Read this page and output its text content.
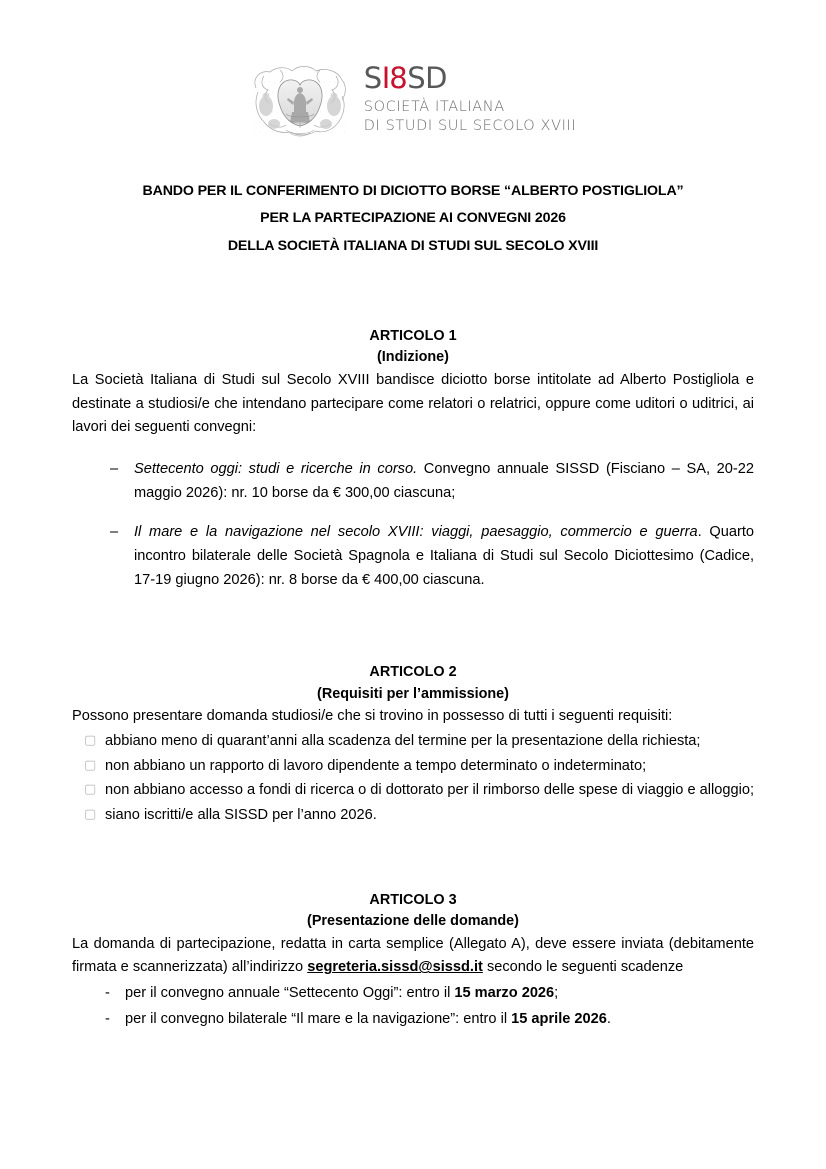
SI8SD
SOCIETÀ ITALIANA
DI STUDI SUL SECOLO XVIII
BANDO PER IL CONFERIMENTO DI DICIOTTO BORSE “ALBERTO POSTIGLIOLA”
PER LA PARTECIPAZIONE AI CONVEGNI 2026
DELLA SOCIETÀ ITALIANA DI STUDI SUL SECOLO XVIII
ARTICOLO 1
(Indizione)

La Società Italiana di Studi sul Secolo XVIII bandisce diciotto borse intitolate ad Alberto Postigliola e destinate a studiosi/e che intendano partecipare come relatori o relatrici, oppure come uditori o uditrici, ai lavori dei seguenti convegni:

– Settecento oggi: studi e ricerche in corso. Convegno annuale SISSD (Fisciano – SA, 20-22 maggio 2026): nr. 10 borse da € 300,00 ciascuna;
– Il mare e la navigazione nel secolo XVIII: viaggi, paesaggio, commercio e guerra. Quarto incontro bilaterale delle Società Spagnola e Italiana di Studi sul Secolo Diciottesimo (Cadice, 17-19 giugno 2026): nr. 8 borse da € 400,00 ciascuna.
ARTICOLO 2
(Requisiti per l’ammissione)

Possono presentare domanda studiosi/e che si trovino in possesso di tutti i seguenti requisiti:

▢ abbiano meno di quarant’anni alla scadenza del termine per la presentazione della richiesta;
▢ non abbiano un rapporto di lavoro dipendente a tempo determinato o indeterminato;
▢ non abbiano accesso a fondi di ricerca o di dottorato per il rimborso delle spese di viaggio e alloggio;
▢ siano iscritti/e alla SISSD per l’anno 2026.
ARTICOLO 3
(Presentazione delle domande)

La domanda di partecipazione, redatta in carta semplice (Allegato A), deve essere inviata (debitamente firmata e scannerizzata) all’indirizzo segreteria.sissd@sissd.it secondo le seguenti scadenze

- per il convegno annuale “Settecento Oggi”: entro il 15 marzo 2026;
- per il convegno bilaterale “Il mare e la navigazione”: entro il 15 aprile 2026.
